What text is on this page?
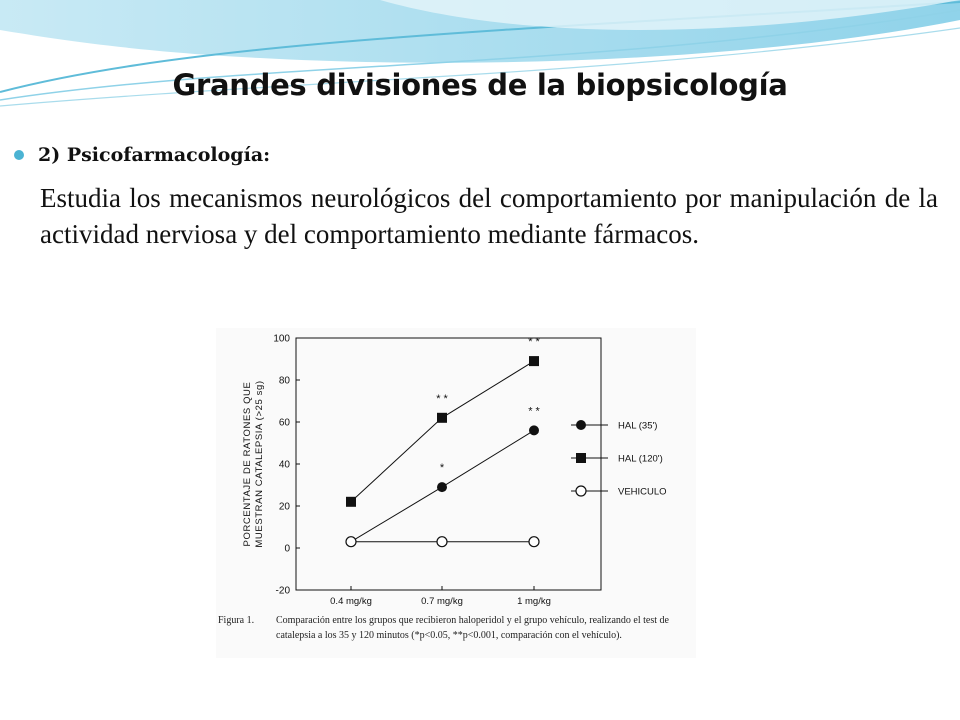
Grandes divisiones de la biopsicología
2) Psicofarmacología:
Estudia los mecanismos neurológicos del comportamiento por manipulación de la actividad nerviosa y del comportamiento mediante fármacos.
100
80
60
40
20
0
-20
0.4 mg/kg	0.7 mg/kg	1 mg/kg
PORCENTAJE DE RATONES QUE MUESTRAN CATALEPSIA (>25 sg)	*
* *
* *
* *
HAL (35')
HAL (120')
VEHICULO
Figura 1. Comparación entre los grupos que recibieron haloperidol y el grupo vehículo, realizando el test de catalepsia a los 35 y 120 minutos (*p<0.05, **p<0.001, comparación con el vehículo).
